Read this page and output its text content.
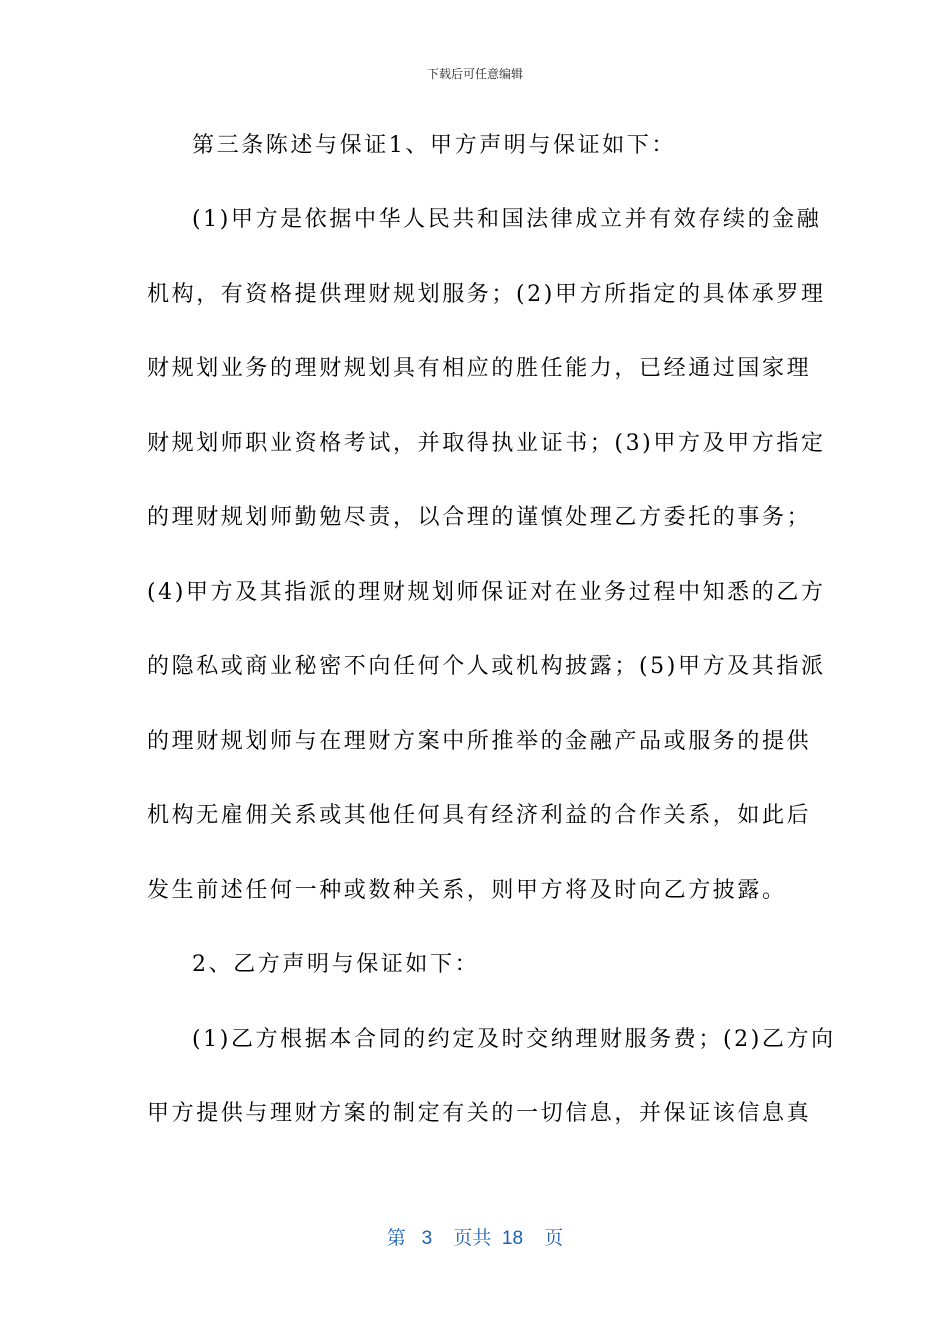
下载后可任意编辑
第三条陈述与保证1、甲方声明与保证如下：
(1)甲方是依据中华人民共和国法律成立并有效存续的金融
机构，有资格提供理财规划服务；(2)甲方所指定的具体承罗理
财规划业务的理财规划具有相应的胜任能力，已经通过国家理
财规划师职业资格考试，并取得执业证书；(3)甲方及甲方指定
的理财规划师勤勉尽责，以合理的谨慎处理乙方委托的事务；
(4)甲方及其指派的理财规划师保证对在业务过程中知悉的乙方
的隐私或商业秘密不向任何个人或机构披露；(5)甲方及其指派
的理财规划师与在理财方案中所推举的金融产品或服务的提供
机构无雇佣关系或其他任何具有经济利益的合作关系，如此后
发生前述任何一种或数种关系，则甲方将及时向乙方披露。
2、乙方声明与保证如下：
(1)乙方根据本合同的约定及时交纳理财服务费；(2)乙方向
甲方提供与理财方案的制定有关的一切信息，并保证该信息真
第 3 页共 18 页
